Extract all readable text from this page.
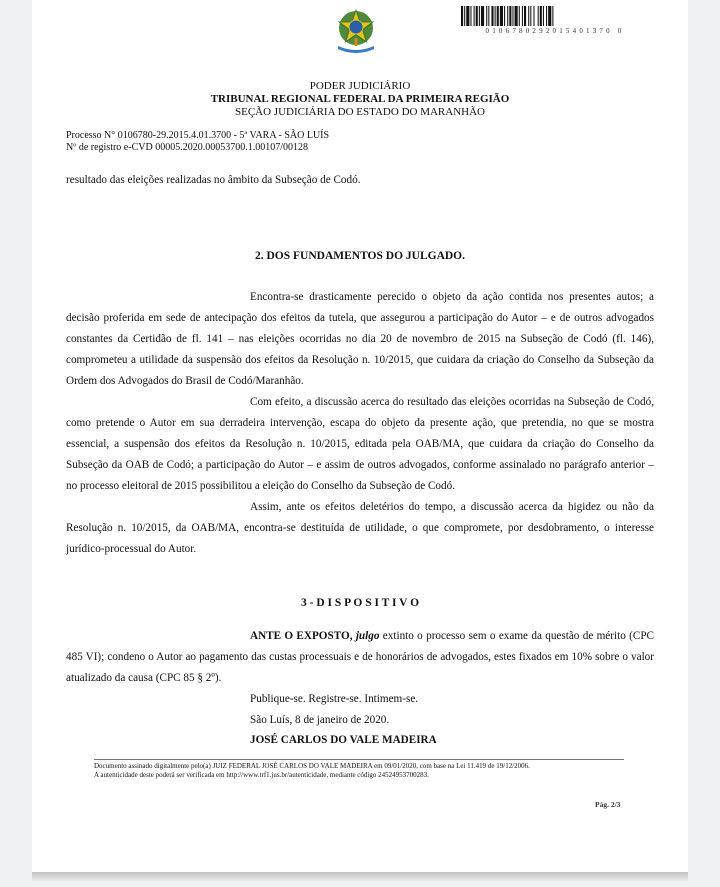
0106780292015401370 0
PODER JUDICIÁRIO
TRIBUNAL REGIONAL FEDERAL DA PRIMEIRA REGIÃO
SEÇÃO JUDICIÁRIA DO ESTADO DO MARANHÃO
Processo N° 0106780-29.2015.4.01.3700 - 5ª VARA - SÃO LUÍS
Nº de registro e-CVD 00005.2020.00053700.1.00107/00128
resultado das eleições realizadas no âmbito da Subseção de Codó.
2. DOS FUNDAMENTOS DO JULGADO.

Encontra-se drasticamente perecido o objeto da ação contida nos presentes autos; a decisão proferida em sede de antecipação dos efeitos da tutela, que assegurou a participação do Autor – e de outros advogados constantes da Certidão de fl. 141 – nas eleições ocorridas no dia 20 de novembro de 2015 na Subseção de Codó (fl. 146), comprometeu a utilidade da suspensão dos efeitos da Resolução n. 10/2015, que cuidara da criação do Conselho da Subseção da Ordem dos Advogados do Brasil de Codó/Maranhão.

Com efeito, a discussão acerca do resultado das eleições ocorridas na Subseção de Codó, como pretende o Autor em sua derradeira intervenção, escapa do objeto da presente ação, que pretendia, no que se mostra essencial, a suspensão dos efeitos da Resolução n. 10/2015, editada pela OAB/MA, que cuidara da criação do Conselho da Subseção da OAB de Codó; a participação do Autor – e assim de outros advogados, conforme assinalado no parágrafo anterior – no processo eleitoral de 2015 possibilitou a eleição do Conselho da Subseção de Codó.

Assim, ante os efeitos deletérios do tempo, a discussão acerca da higidez ou não da Resolução n. 10/2015, da OAB/MA, encontra-se destituída de utilidade, o que compromete, por desdobramento, o interesse jurídico-processual do Autor.

3 - D I S P O S I T I V O

ANTE O EXPOSTO, julgo extinto o processo sem o exame da questão de mérito (CPC 485 VI); condeno o Autor ao pagamento das custas processuais e de honorários de advogados, estes fixados em 10% sobre o valor atualizado da causa (CPC 85 § 2º).

Publique-se. Registre-se. Intimem-se.
São Luís, 8 de janeiro de 2020.
JOSÉ CARLOS DO VALE MADEIRA
Documento assinado digitalmente pelo(a) JUIZ FEDERAL JOSÉ CARLOS DO VALE MADEIRA em 09/01/2020, com base na Lei 11.419 de 19/12/2006.
A autenticidade deste poderá ser verificada em http://www.trf1.jus.br/autenticidade, mediante código 24524953700283.
Pág. 2/3
